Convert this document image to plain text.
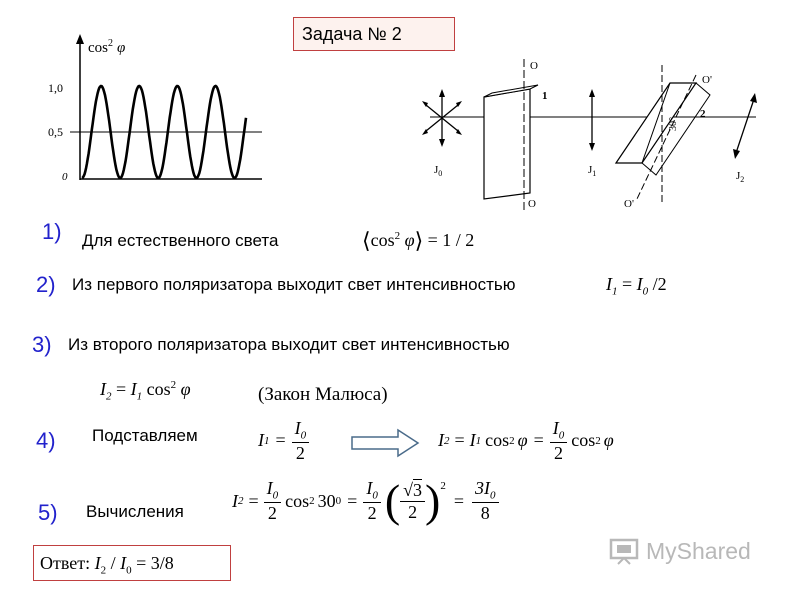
Задача № 2
$\cos^2 \varphi$
1,0
0,5
0
$J_0$
O
O
1
$J_1$
O'
O'
30°
2
$J_2$
1) Для естественного света	$⟨\cos^2$ φ⟩ = 1 / 2
2) Из первого поляризатора выходит свет интенсивностью	$I_1 = I_0$ /2
3) Из второго поляризатора выходит свет интенсивностью
$I_2 = I_1$ $\cos^2 \varphi$	(Закон Малюса)
4) Подставляем	I $1 = \frac{I_0}{2}$	I 2 = I 1 cos 2 $\varphi = \frac{I_0}{2}$ cos 2 φ
5) Вычисления
I $2 = \frac{I_0}{2}$ cos 2 30 $0 = \frac{I_0}{2}$ ( √3
2 )$^2$
= $\frac{3I_0}{8}$
Ответ: $I_2 / I_0 = 3/8$	MyShared
